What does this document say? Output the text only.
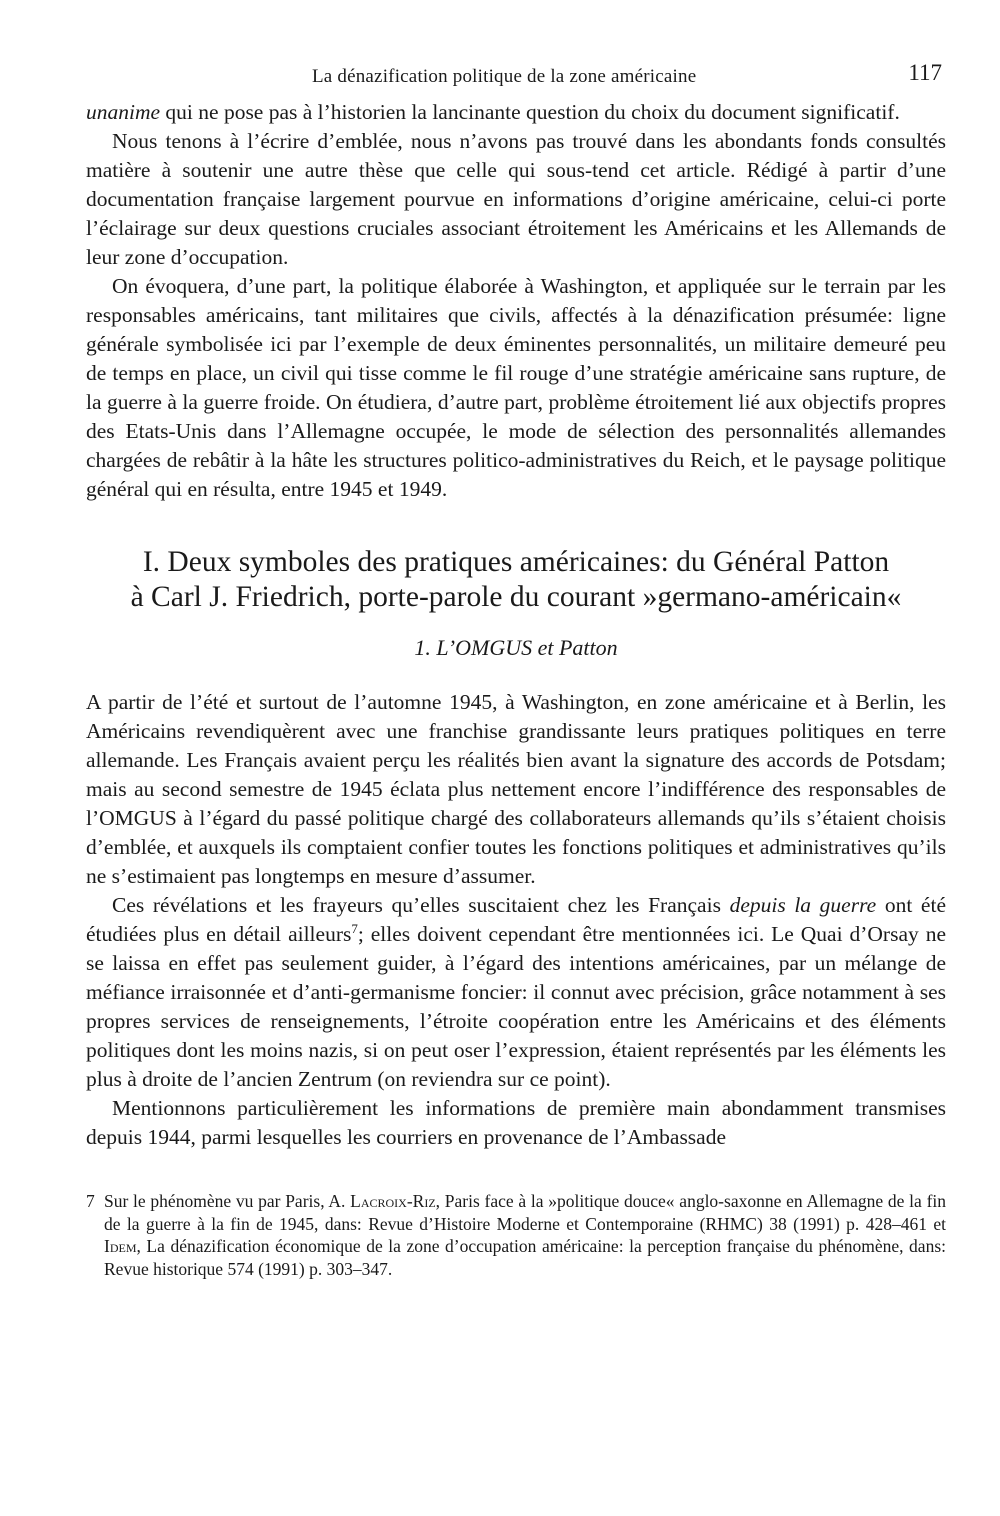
La dénazification politique de la zone américaine	117

unanime qui ne pose pas à l’historien la lancinante question du choix du document significatif.

Nous tenons à l’écrire d’emblée, nous n’avons pas trouvé dans les abondants fonds consultés matière à soutenir une autre thèse que celle qui sous-tend cet article. Rédigé à partir d’une documentation française largement pourvue en informations d’origine américaine, celui-ci porte l’éclairage sur deux questions cruciales associant étroitement les Américains et les Allemands de leur zone d’occupation.

On évoquera, d’une part, la politique élaborée à Washington, et appliquée sur le terrain par les responsables américains, tant militaires que civils, affectés à la dénazification présumée: ligne générale symbolisée ici par l’exemple de deux éminentes personnalités, un militaire demeuré peu de temps en place, un civil qui tisse comme le fil rouge d’une stratégie américaine sans rupture, de la guerre à la guerre froide. On étudiera, d’autre part, problème étroitement lié aux objectifs propres des Etats-Unis dans l’Allemagne occupée, le mode de sélection des personnalités allemandes chargées de rebâtir à la hâte les structures politico-administratives du Reich, et le paysage politique général qui en résulta, entre 1945 et 1949.

I. Deux symboles des pratiques américaines: du Général Patton
à Carl J. Friedrich, porte-parole du courant »germano-américain«
1. L’OMGUS et Patton

A partir de l’été et surtout de l’automne 1945, à Washington, en zone américaine et à Berlin, les Américains revendiquèrent avec une franchise grandissante leurs pratiques politiques en terre allemande. Les Français avaient perçu les réalités bien avant la signature des accords de Potsdam; mais au second semestre de 1945 éclata plus nettement encore l’indifférence des responsables de l’OMGUS à l’égard du passé politique chargé des collaborateurs allemands qu’ils s’étaient choisis d’emblée, et auxquels ils comptaient confier toutes les fonctions politiques et administratives qu’ils ne s’estimaient pas longtemps en mesure d’assumer.

Ces révélations et les frayeurs qu’elles suscitaient chez les Français depuis la guerre ont été étudiées plus en détail ailleurs$^7$; elles doivent cependant être mentionnées ici. Le Quai d’Orsay ne se laissa en effet pas seulement guider, à l’égard des intentions américaines, par un mélange de méfiance irraisonnée et d’anti-germanisme foncier: il connut avec précision, grâce notamment à ses propres services de renseignements, l’étroite coopération entre les Américains et des éléments politiques dont les moins nazis, si on peut oser l’expression, étaient représentés par les éléments les plus à droite de l’ancien Zentrum (on reviendra sur ce point).

Mentionnons particulièrement les informations de première main abondamment transmises depuis 1944, parmi lesquelles les courriers en provenance de l’Ambassade

7 Sur le phénomène vu par Paris, A. Lacroix-Riz, Paris face à la »politique douce« anglo-saxonne en Allemagne de la fin de la guerre à la fin de 1945, dans: Revue d’Histoire Moderne et Contemporaine (RHMC) 38 (1991) p. 428–461 et Idem, La dénazification économique de la zone d’occupation américaine: la perception française du phénomène, dans: Revue historique 574 (1991) p. 303–347.
